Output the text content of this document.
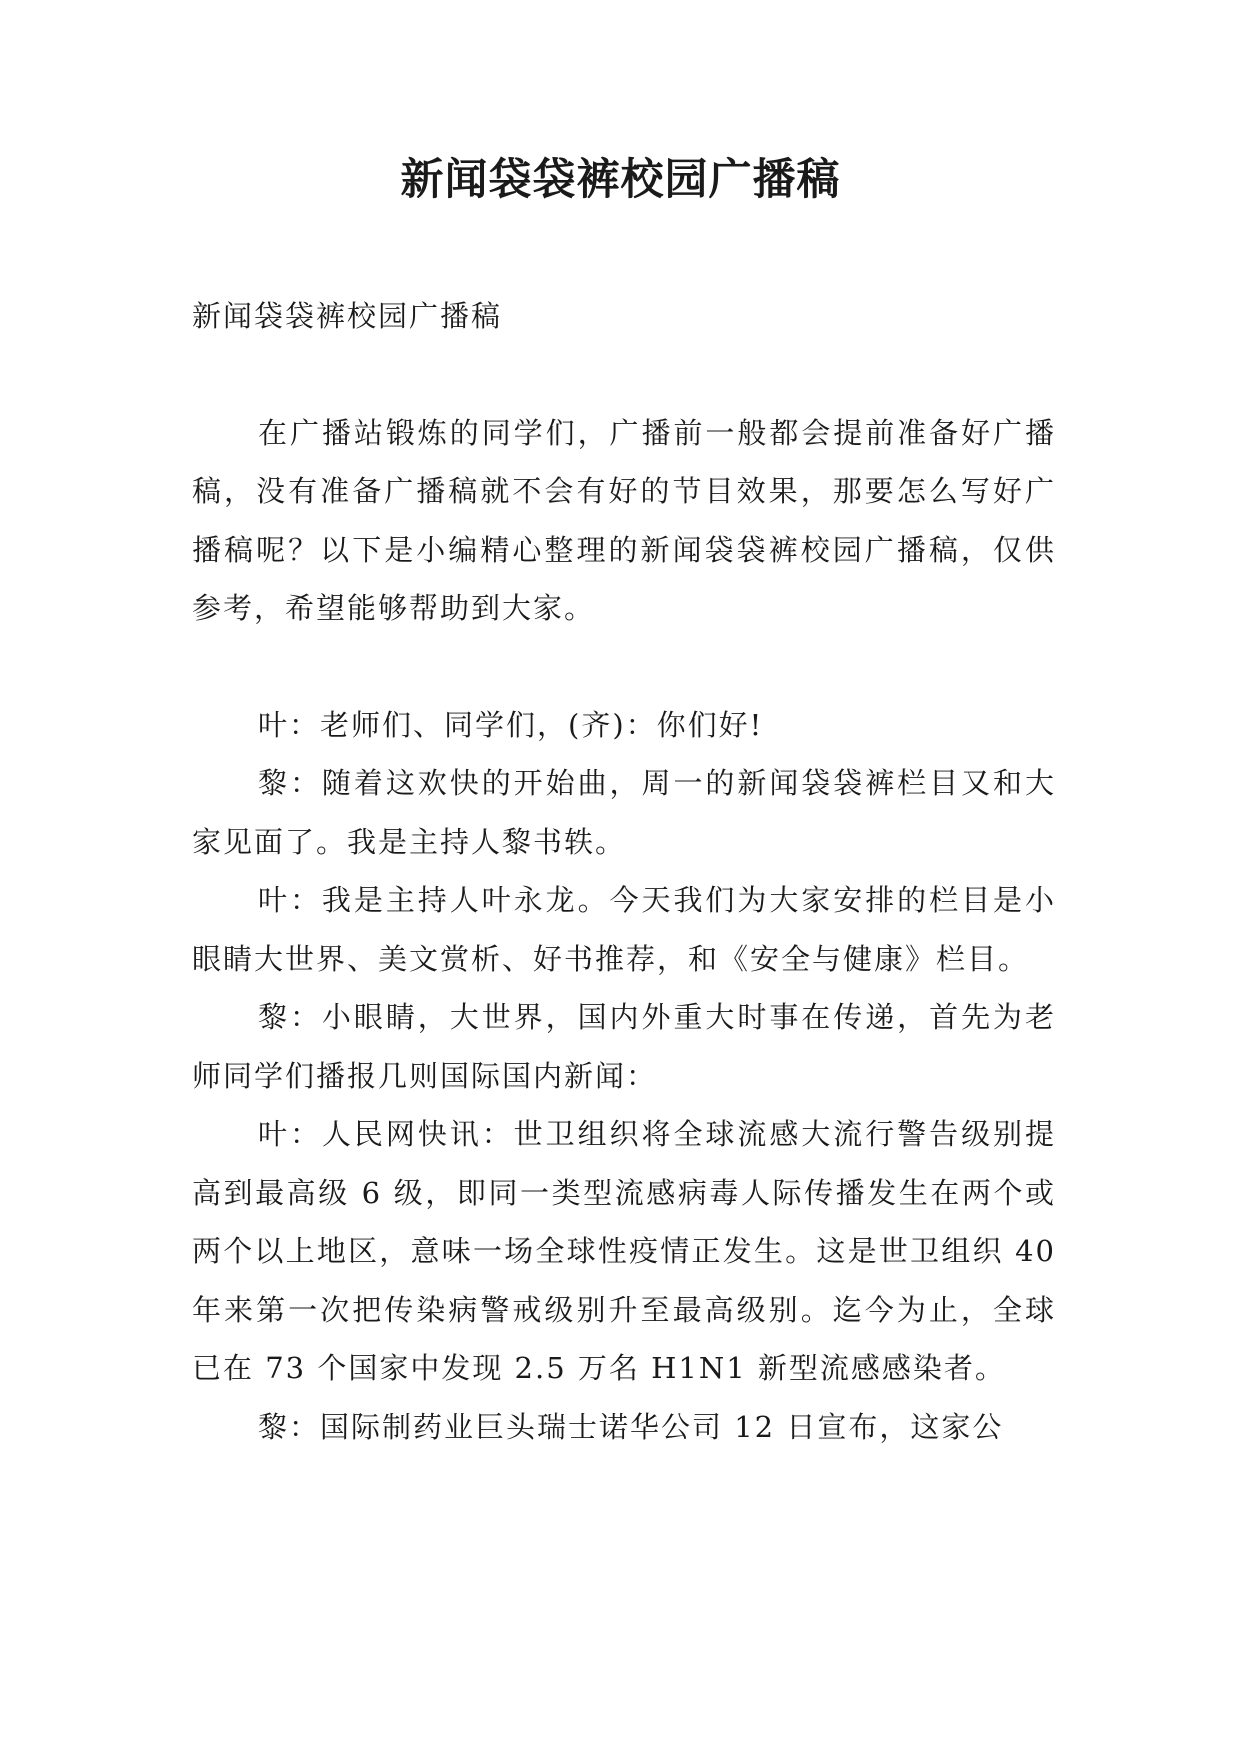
新闻袋袋裤校园广播稿

新闻袋袋裤校园广播稿

在广播站锻炼的同学们，广播前一般都会提前准备好广播稿，没有准备广播稿就不会有好的节目效果，那要怎么写好广播稿呢？以下是小编精心整理的新闻袋袋裤校园广播稿，仅供参考，希望能够帮助到大家。

叶：老师们、同学们，(齐)：你们好!

黎：随着这欢快的开始曲，周一的新闻袋袋裤栏目又和大家见面了。我是主持人黎书轶。

叶：我是主持人叶永龙。今天我们为大家安排的栏目是小眼睛大世界、美文赏析、好书推荐，和《安全与健康》栏目。

黎：小眼睛，大世界，国内外重大时事在传递，首先为老师同学们播报几则国际国内新闻：

叶：人民网快讯：世卫组织将全球流感大流行警告级别提高到最高级 6 级，即同一类型流感病毒人际传播发生在两个或两个以上地区，意味一场全球性疫情正发生。这是世卫组织 40 年来第一次把传染病警戒级别升至最高级别。迄今为止，全球已在 73 个国家中发现 2.5 万名 H1N1 新型流感感染者。

黎：国际制药业巨头瑞士诺华公司 12 日宣布，这家公
